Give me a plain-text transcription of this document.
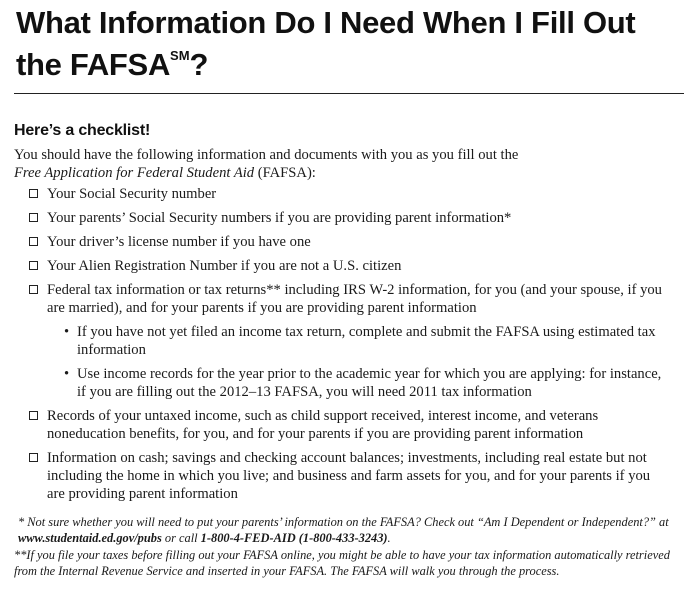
What Information Do I Need When I Fill Out
the FAFSA℠?
Here’s a checklist!
You should have the following information and documents with you as you fill out the
Free Application for Federal Student Aid (FAFSA):
Your Social Security number
Your parents’ Social Security numbers if you are providing parent information*
Your driver’s license number if you have one
Your Alien Registration Number if you are not a U.S. citizen
Federal tax information or tax returns** including IRS W-2 information, for you (and your spouse, if you are married), and for your parents if you are providing parent information
• If you have not yet filed an income tax return, complete and submit the FAFSA using estimated tax information
• Use income records for the year prior to the academic year for which you are applying: for instance, if you are filling out the 2012–13 FAFSA, you will need 2011 tax information
Records of your untaxed income, such as child support received, interest income, and veterans noneducation benefits, for you, and for your parents if you are providing parent information
Information on cash; savings and checking account balances; investments, including real estate but not including the home in which you live; and business and farm assets for you, and for your parents if you are providing parent information
* Not sure whether you will need to put your parents’ information on the FAFSA? Check out “Am I Dependent or Independent?” at www.studentaid.ed.gov/pubs or call 1-800-4-FED-AID (1-800-433-3243).
**If you file your taxes before filling out your FAFSA online, you might be able to have your tax information automatically retrieved from the Internal Revenue Service and inserted in your FAFSA. The FAFSA will walk you through the process.
